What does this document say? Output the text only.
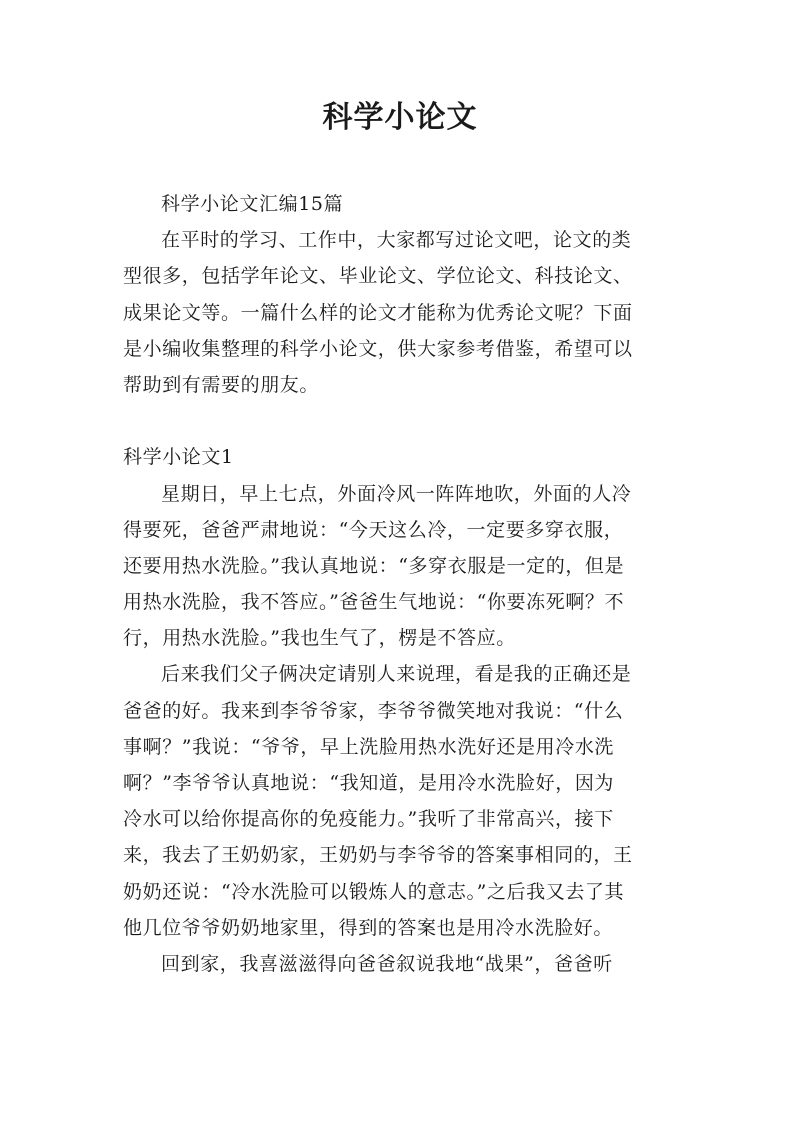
科学小论文
科学小论文汇编15篇
在平时的学习、工作中，大家都写过论文吧，论文的类
型很多，包括学年论文、毕业论文、学位论文、科技论文、
成果论文等。一篇什么样的论文才能称为优秀论文呢？下面
是小编收集整理的科学小论文，供大家参考借鉴，希望可以
帮助到有需要的朋友。
科学小论文1
星期日，早上七点，外面冷风一阵阵地吹，外面的人冷
得要死，爸爸严肃地说：“今天这么冷，一定要多穿衣服，
还要用热水洗脸。”我认真地说：“多穿衣服是一定的，但是
用热水洗脸，我不答应。”爸爸生气地说：“你要冻死啊？不
行，用热水洗脸。”我也生气了，楞是不答应。
后来我们父子俩决定请别人来说理，看是我的正确还是
爸爸的好。我来到李爷爷家，李爷爷微笑地对我说：“什么
事啊？”我说：“爷爷，早上洗脸用热水洗好还是用冷水洗
啊？”李爷爷认真地说：“我知道，是用冷水洗脸好，因为
冷水可以给你提高你的免疫能力。”我听了非常高兴，接下
来，我去了王奶奶家，王奶奶与李爷爷的答案事相同的，王
奶奶还说：“冷水洗脸可以锻炼人的意志。”之后我又去了其
他几位爷爷奶奶地家里，得到的答案也是用冷水洗脸好。
回到家，我喜滋滋得向爸爸叙说我地“战果”，爸爸听
